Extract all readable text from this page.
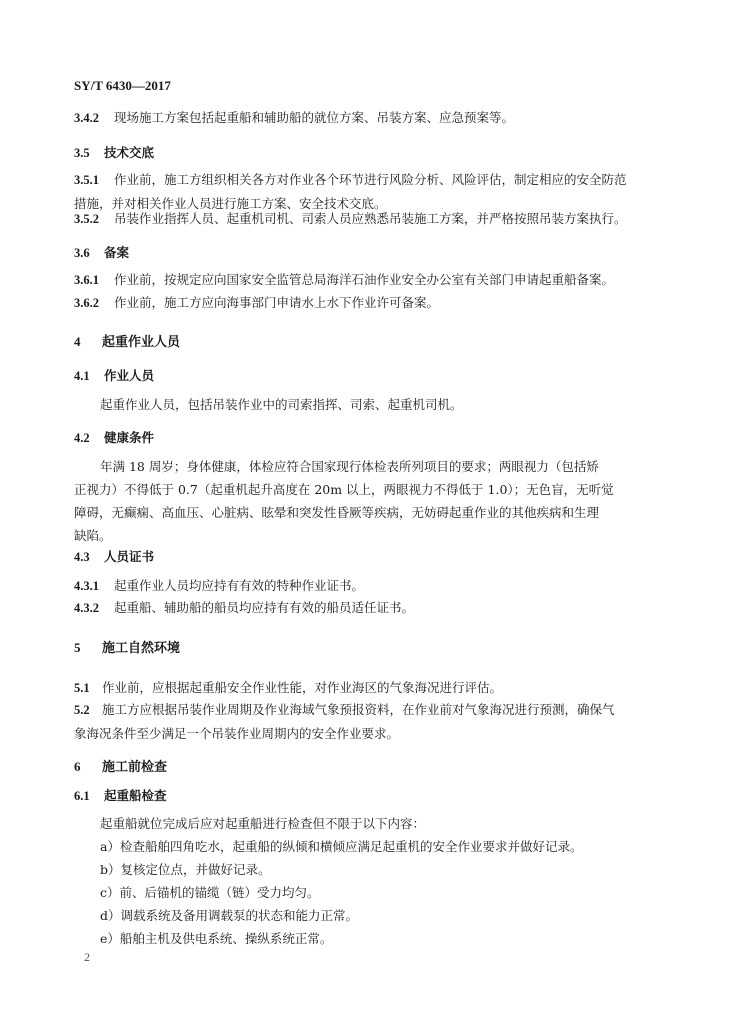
SY/T 6430—2017
3.4.2 现场施工方案包括起重船和辅助船的就位方案、吊装方案、应急预案等。
3.5 技术交底
3.5.1 作业前，施工方组织相关各方对作业各个环节进行风险分析、风险评估，制定相应的安全防范
措施，并对相关作业人员进行施工方案、安全技术交底。
3.5.2 吊装作业指挥人员、起重机司机、司索人员应熟悉吊装施工方案，并严格按照吊装方案执行。
3.6 备案
3.6.1 作业前，按规定应向国家安全监管总局海洋石油作业安全办公室有关部门申请起重船备案。
3.6.2 作业前，施工方应向海事部门申请水上水下作业许可备案。
4 起重作业人员
4.1 作业人员
起重作业人员，包括吊装作业中的司索指挥、司索、起重机司机。
4.2 健康条件
年满 18 周岁；身体健康，体检应符合国家现行体检表所列项目的要求；两眼视力（包括矫
正视力）不得低于 0.7（起重机起升高度在 20m 以上，两眼视力不得低于 1.0）；无色盲，无听觉
障碍，无癫痫、高血压、心脏病、眩晕和突发性昏厥等疾病，无妨碍起重作业的其他疾病和生理
缺陷。
4.3 人员证书
4.3.1 起重作业人员均应持有有效的特种作业证书。
4.3.2 起重船、辅助船的船员均应持有有效的船员适任证书。
5 施工自然环境
5.1 作业前，应根据起重船安全作业性能，对作业海区的气象海况进行评估。
5.2 施工方应根据吊装作业周期及作业海域气象预报资料，在作业前对气象海况进行预测，确保气
象海况条件至少满足一个吊装作业周期内的安全作业要求。
6 施工前检查
6.1 起重船检查
起重船就位完成后应对起重船进行检查但不限于以下内容：
a）检查船舶四角吃水，起重船的纵倾和横倾应满足起重机的安全作业要求并做好记录。
b）复核定位点，并做好记录。
c）前、后锚机的锚缆（链）受力均匀。
d）调载系统及备用调载泵的状态和能力正常。
e）船舶主机及供电系统、操纵系统正常。
2
